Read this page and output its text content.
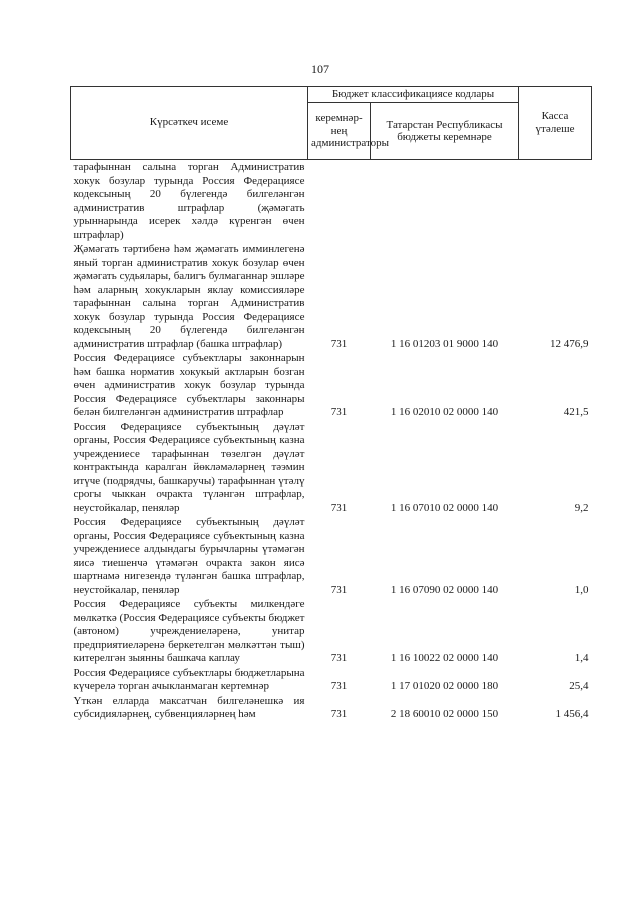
107
Күрсәткеч исеме	Бюджет классификациясе кодлары		Касса үтәлеше
	керемнәр-нең администраторы	Татарстан Республикасы бюджеты керемнәре	
тарафыннан салына торган Административ хокук бозулар турында Россия Федерациясе кодексының 20 бүлегендә билгеләнгән административ штрафлар (җәмәгать урыннарында исерек хәлдә күренгән өчен штрафлар)			
Җәмәгать тәртибенә һәм җәмәгать имминлегенә яный торган административ хокук бозулар өчен җәмәгать судьялары, балигъ булмаганнар эшләре һәм аларның хокукларын яклау комиссияләре тарафыннан салына торган Административ хокук бозулар турында Россия Федерациясе кодексының 20 бүлегендә билгеләнгән административ штрафлар (башка штрафлар)	731	1 16 01203 01 9000 140	12 476,9
Россия Федерациясе субъектлары законнарын һәм башка норматив хокукый актларын бозган өчен административ хокук бозулар турында Россия Федерациясе субъектлары законнары белән билгеләнгән административ штрафлар	731	1 16 02010 02 0000 140	421,5
Россия Федерациясе субъектының дәүләт органы, Россия Федерациясе субъектының казна учреждениесе тарафыннан төзелгән дәүләт контрактында каралган йөкләмәләрнең тәэмин итүче (подрядчы, башкаручы) тарафыннан үтәлү срогы чыккан очракта түләнгән штрафлар, неустойкалар, пеняләр	731	1 16 07010 02 0000 140	9,2
Россия Федерациясе субъектының дәүләт органы, Россия Федерациясе субъектының казна учреждениесе алдындагы бурычларны үтәмәгән яисә тиешенчә үтәмәгән очракта закон яисә шартнамә нигезендә түләнгән башка штрафлар, неустойкалар, пеняләр	731	1 16 07090 02 0000 140	1,0
Россия Федерациясе субъекты милкендәге мөлкәткә (Россия Федерациясе субъекты бюджет (автоном) учреждениеләренә, унитар предприятиеләренә беркетелгән мөлкәттән тыш) китерелгән зыянны башкача каплау	731	1 16 10022 02 0000 140	1,4
Россия Федерациясе субъектлары бюджетларына күчерелә торган ачыкланмаган кертемнәр	731	1 17 01020 02 0000 180	25,4
Үткән елларда максатчан билгеләнешкә ия субсидияләрнең, субвенцияләрнең һәм	731	2 18 60010 02 0000 150	1 456,4
